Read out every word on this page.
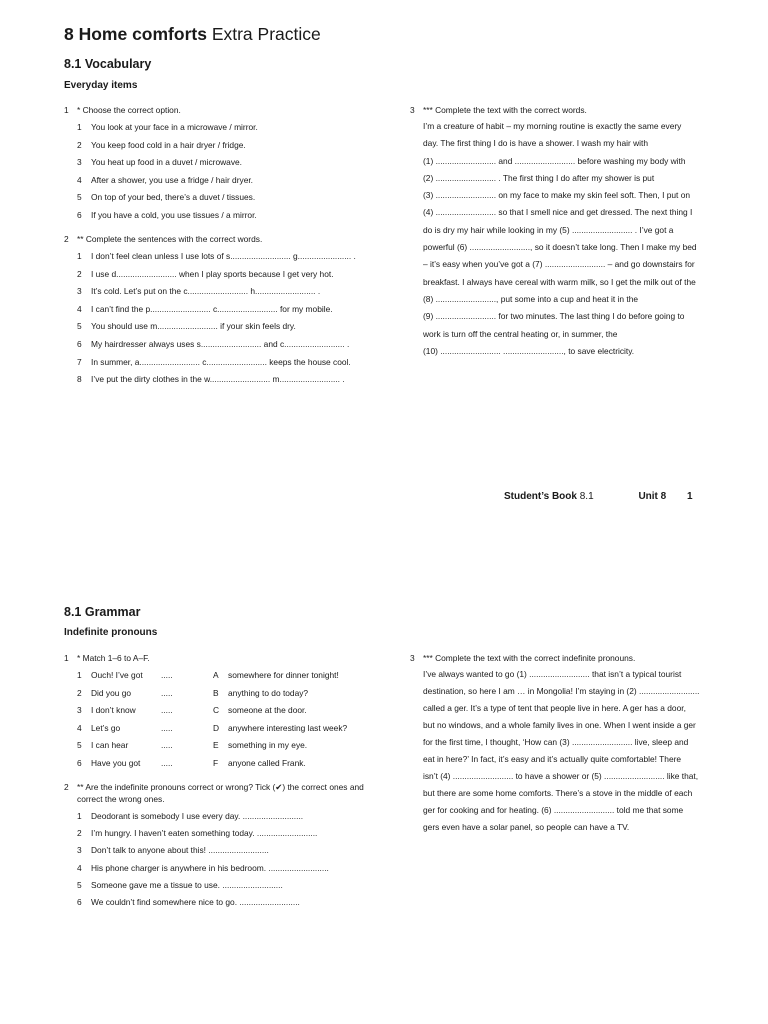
8 Home comforts Extra Practice
8.1 Vocabulary
Everyday items
1 * Choose the correct option.
1	You look at your face in a microwave / mirror.
2	You keep food cold in a hair dryer / fridge.
3	You heat up food in a duvet / microwave.
4	After a shower, you use a fridge / hair dryer.
5	On top of your bed, there’s a duvet / tissues.
6	If you have a cold, you use tissues / a mirror.
2 ** Complete the sentences with the correct words.
1	I don’t feel clean unless I use lots of s.......................... g....................... .
2	I use d.......................... when I play sports because I get very hot.
3	It’s cold. Let’s put on the c.......................... h.......................... .
4	I can’t find the p.......................... c.......................... for my mobile.
5	You should use m.......................... if your skin feels dry.
6	My hairdresser always uses s.......................... and c.......................... .
7	In summer, a.......................... c.......................... keeps the house cool.
8	I’ve put the dirty clothes in the w.......................... m.......................... .
3 *** Complete the text with the correct words.
I’m a creature of habit – my morning routine is exactly the same every
day. The first thing I do is have a shower. I wash my hair with
(1) .......................... and .......................... before washing my body with
(2) .......................... . The first thing I do after my shower is put
(3) .......................... on my face to make my skin feel soft. Then, I put on
(4) .......................... so that I smell nice and get dressed. The next thing I
do is dry my hair while looking in my (5) .......................... . I’ve got a
powerful (6) .........................., so it doesn’t take long. Then I make my bed
– it’s easy when you’ve got a (7) .......................... – and go downstairs for
breakfast. I always have cereal with warm milk, so I get the milk out of the
(8) .........................., put some into a cup and heat it in the
(9) .......................... for two minutes. The last thing I do before going to
work is turn off the central heating or, in summer, the
(10) .......................... .........................., to save electricity.
Student’s Book 8.1	Unit 8 1
8.1 Grammar
Indefinite pronouns
1 * Match 1–6 to A–F.
1	Ouch! I’ve got	.....	A	somewhere for dinner tonight!
2	Did you go	.....	B	anything to do today?
3	I don’t know	.....	C	someone at the door.
4	Let’s go	.....	D	anywhere interesting last week?
5	I can hear	.....	E	something in my eye.
6	Have you got	.....	F	anyone called Frank.
2 ** Are the indefinite pronouns correct or wrong? Tick (✔) the correct ones and correct the wrong ones.
1	Deodorant is somebody I use every day. ..........................
2	I’m hungry. I haven’t eaten something today. ..........................
3	Don’t talk to anyone about this! ..........................
4	His phone charger is anywhere in his bedroom. ..........................
5	Someone gave me a tissue to use. ..........................
6	We couldn’t find somewhere nice to go. ..........................
3 *** Complete the text with the correct indefinite pronouns.
I’ve always wanted to go (1) .......................... that isn’t a typical tourist
destination, so here I am … in Mongolia! I’m staying in (2) ..........................
called a ger. It’s a type of tent that people live in here. A ger has a door,
but no windows, and a whole family lives in one. When I went inside a ger
for the first time, I thought, ‘How can (3) .......................... live, sleep and
eat in here?’ In fact, it’s easy and it’s actually quite comfortable! There
isn’t (4) .......................... to have a shower or (5) .......................... like that,
but there are some home comforts. There’s a stove in the middle of each
ger for cooking and for heating. (6) .......................... told me that some
gers even have a solar panel, so people can have a TV.
